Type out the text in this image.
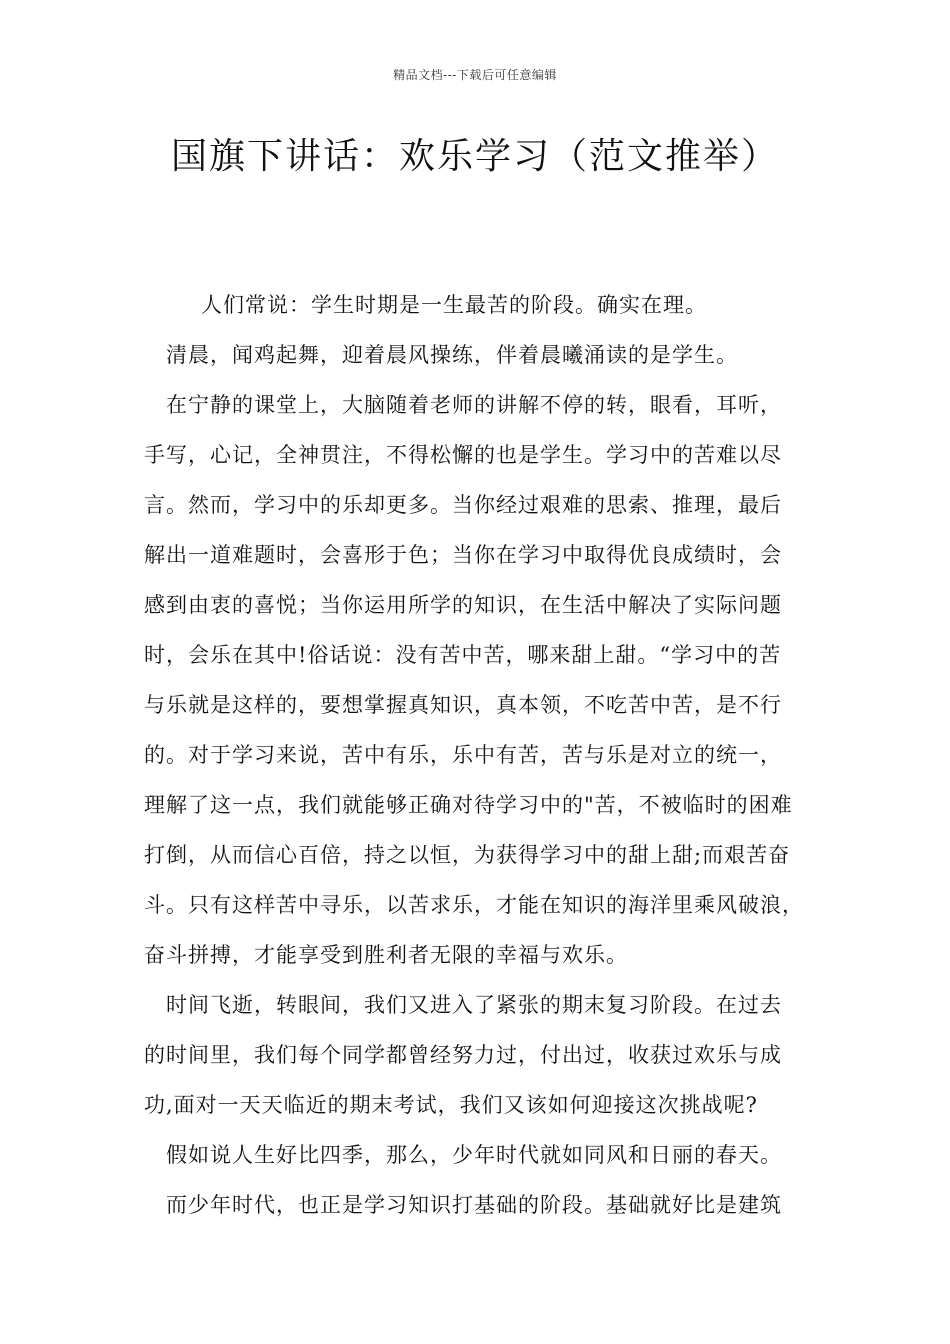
精品文档---下载后可任意编辑
国旗下讲话：欢乐学习（范文推举）
人们常说：学生时期是一生最苦的阶段。确实在理。
清晨，闻鸡起舞，迎着晨风操练，伴着晨曦涌读的是学生。
在宁静的课堂上，大脑随着老师的讲解不停的转，眼看，耳听，
手写，心记，全神贯注，不得松懈的也是学生。学习中的苦难以尽
言。然而，学习中的乐却更多。当你经过艰难的思索、推理，最后
解出一道难题时，会喜形于色；当你在学习中取得优良成绩时，会
感到由衷的喜悦；当你运用所学的知识，在生活中解决了实际问题
时，会乐在其中!俗话说：没有苦中苦，哪来甜上甜。“学习中的苦
与乐就是这样的，要想掌握真知识，真本领，不吃苦中苦，是不行
的。对于学习来说，苦中有乐，乐中有苦，苦与乐是对立的统一，
理解了这一点，我们就能够正确对待学习中的"苦，不被临时的困难
打倒，从而信心百倍，持之以恒，为获得学习中的甜上甜;而艰苦奋
斗。只有这样苦中寻乐，以苦求乐，才能在知识的海洋里乘风破浪，
奋斗拼搏，才能享受到胜利者无限的幸福与欢乐。
时间飞逝，转眼间，我们又进入了紧张的期末复习阶段。在过去
的时间里，我们每个同学都曾经努力过，付出过，收获过欢乐与成
功,面对一天天临近的期末考试，我们又该如何迎接这次挑战呢?
假如说人生好比四季，那么，少年时代就如同风和日丽的春天。
而少年时代，也正是学习知识打基础的阶段。基础就好比是建筑
